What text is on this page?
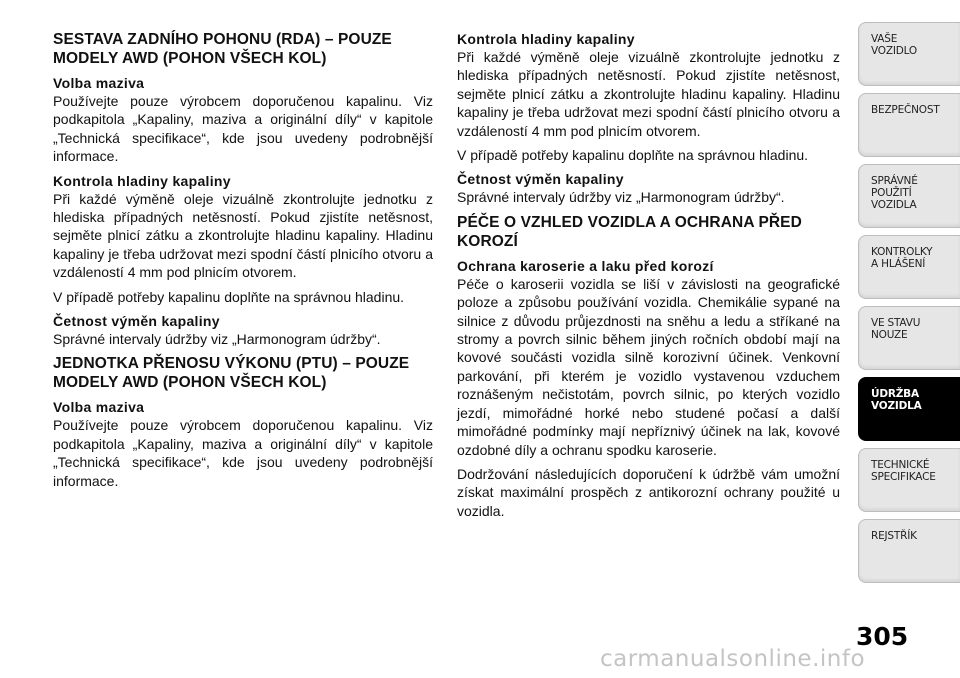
SESTAVA ZADNÍHO POHONU (RDA) – POUZE MODELY AWD (POHON VŠECH KOL)
Volba maziva
Používejte pouze výrobcem doporučenou kapalinu. Viz podkapitola „Kapaliny, maziva a originální díly“ v kapitole „Technická specifikace“, kde jsou uvedeny podrobnější informace.
Kontrola hladiny kapaliny
Při každé výměně oleje vizuálně zkontrolujte jednotku z hlediska případných netěsností. Pokud zjistíte netěsnost, sejměte plnicí zátku a zkontrolujte hladinu kapaliny. Hladinu kapaliny je třeba udržovat mezi spodní částí plnicího otvoru a vzdáleností 4 mm pod plnicím otvorem.
V případě potřeby kapalinu doplňte na správnou hladinu.
Četnost výměn kapaliny
Správné intervaly údržby viz „Harmonogram údržby“.
JEDNOTKA PŘENOSU VÝKONU (PTU) – POUZE MODELY AWD (POHON VŠECH KOL)
Volba maziva
Používejte pouze výrobcem doporučenou kapalinu. Viz podkapitola „Kapaliny, maziva a originální díly“ v kapitole „Technická specifikace“, kde jsou uvedeny podrobnější informace.
Kontrola hladiny kapaliny
Při každé výměně oleje vizuálně zkontrolujte jednotku z hlediska případných netěsností. Pokud zjistíte netěsnost, sejměte plnicí zátku a zkontrolujte hladinu kapaliny. Hladinu kapaliny je třeba udržovat mezi spodní částí plnicího otvoru a vzdáleností 4 mm pod plnicím otvorem.
V případě potřeby kapalinu doplňte na správnou hladinu.
Četnost výměn kapaliny
Správné intervaly údržby viz „Harmonogram údržby“.
PÉČE O VZHLED VOZIDLA A OCHRANA PŘED KOROZÍ
Ochrana karoserie a laku před korozí
Péče o karoserii vozidla se liší v závislosti na geografické poloze a způsobu používání vozidla. Chemikálie sypané na silnice z důvodu průjezdnosti na sněhu a ledu a stříkané na stromy a povrch silnic během jiných ročních období mají na kovové součásti vozidla silně korozivní účinek. Venkovní parkování, při kterém je vozidlo vystavenou vzduchem roznášeným nečistotám, povrch silnic, po kterých vozidlo jezdí, mimořádné horké nebo studené počasí a další mimořádné podmínky mají nepříznivý účinek na lak, kovové ozdobné díly a ochranu spodku karoserie.
Dodržování následujících doporučení k údržbě vám umožní získat maximální prospěch z antikorozní ochrany použité u vozidla.
VAŠE
VOZIDLO
BEZPEČNOST
SPRÁVNÉ
POUŽITÍ
VOZIDLA
KONTROLKY
A HLÁŠENÍ
VE STAVU
NOUZE
ÚDRŽBA
VOZIDLA
TECHNICKÉ
SPECIFIKACE
REJSTŘÍK
305
carmanualsonline.info
